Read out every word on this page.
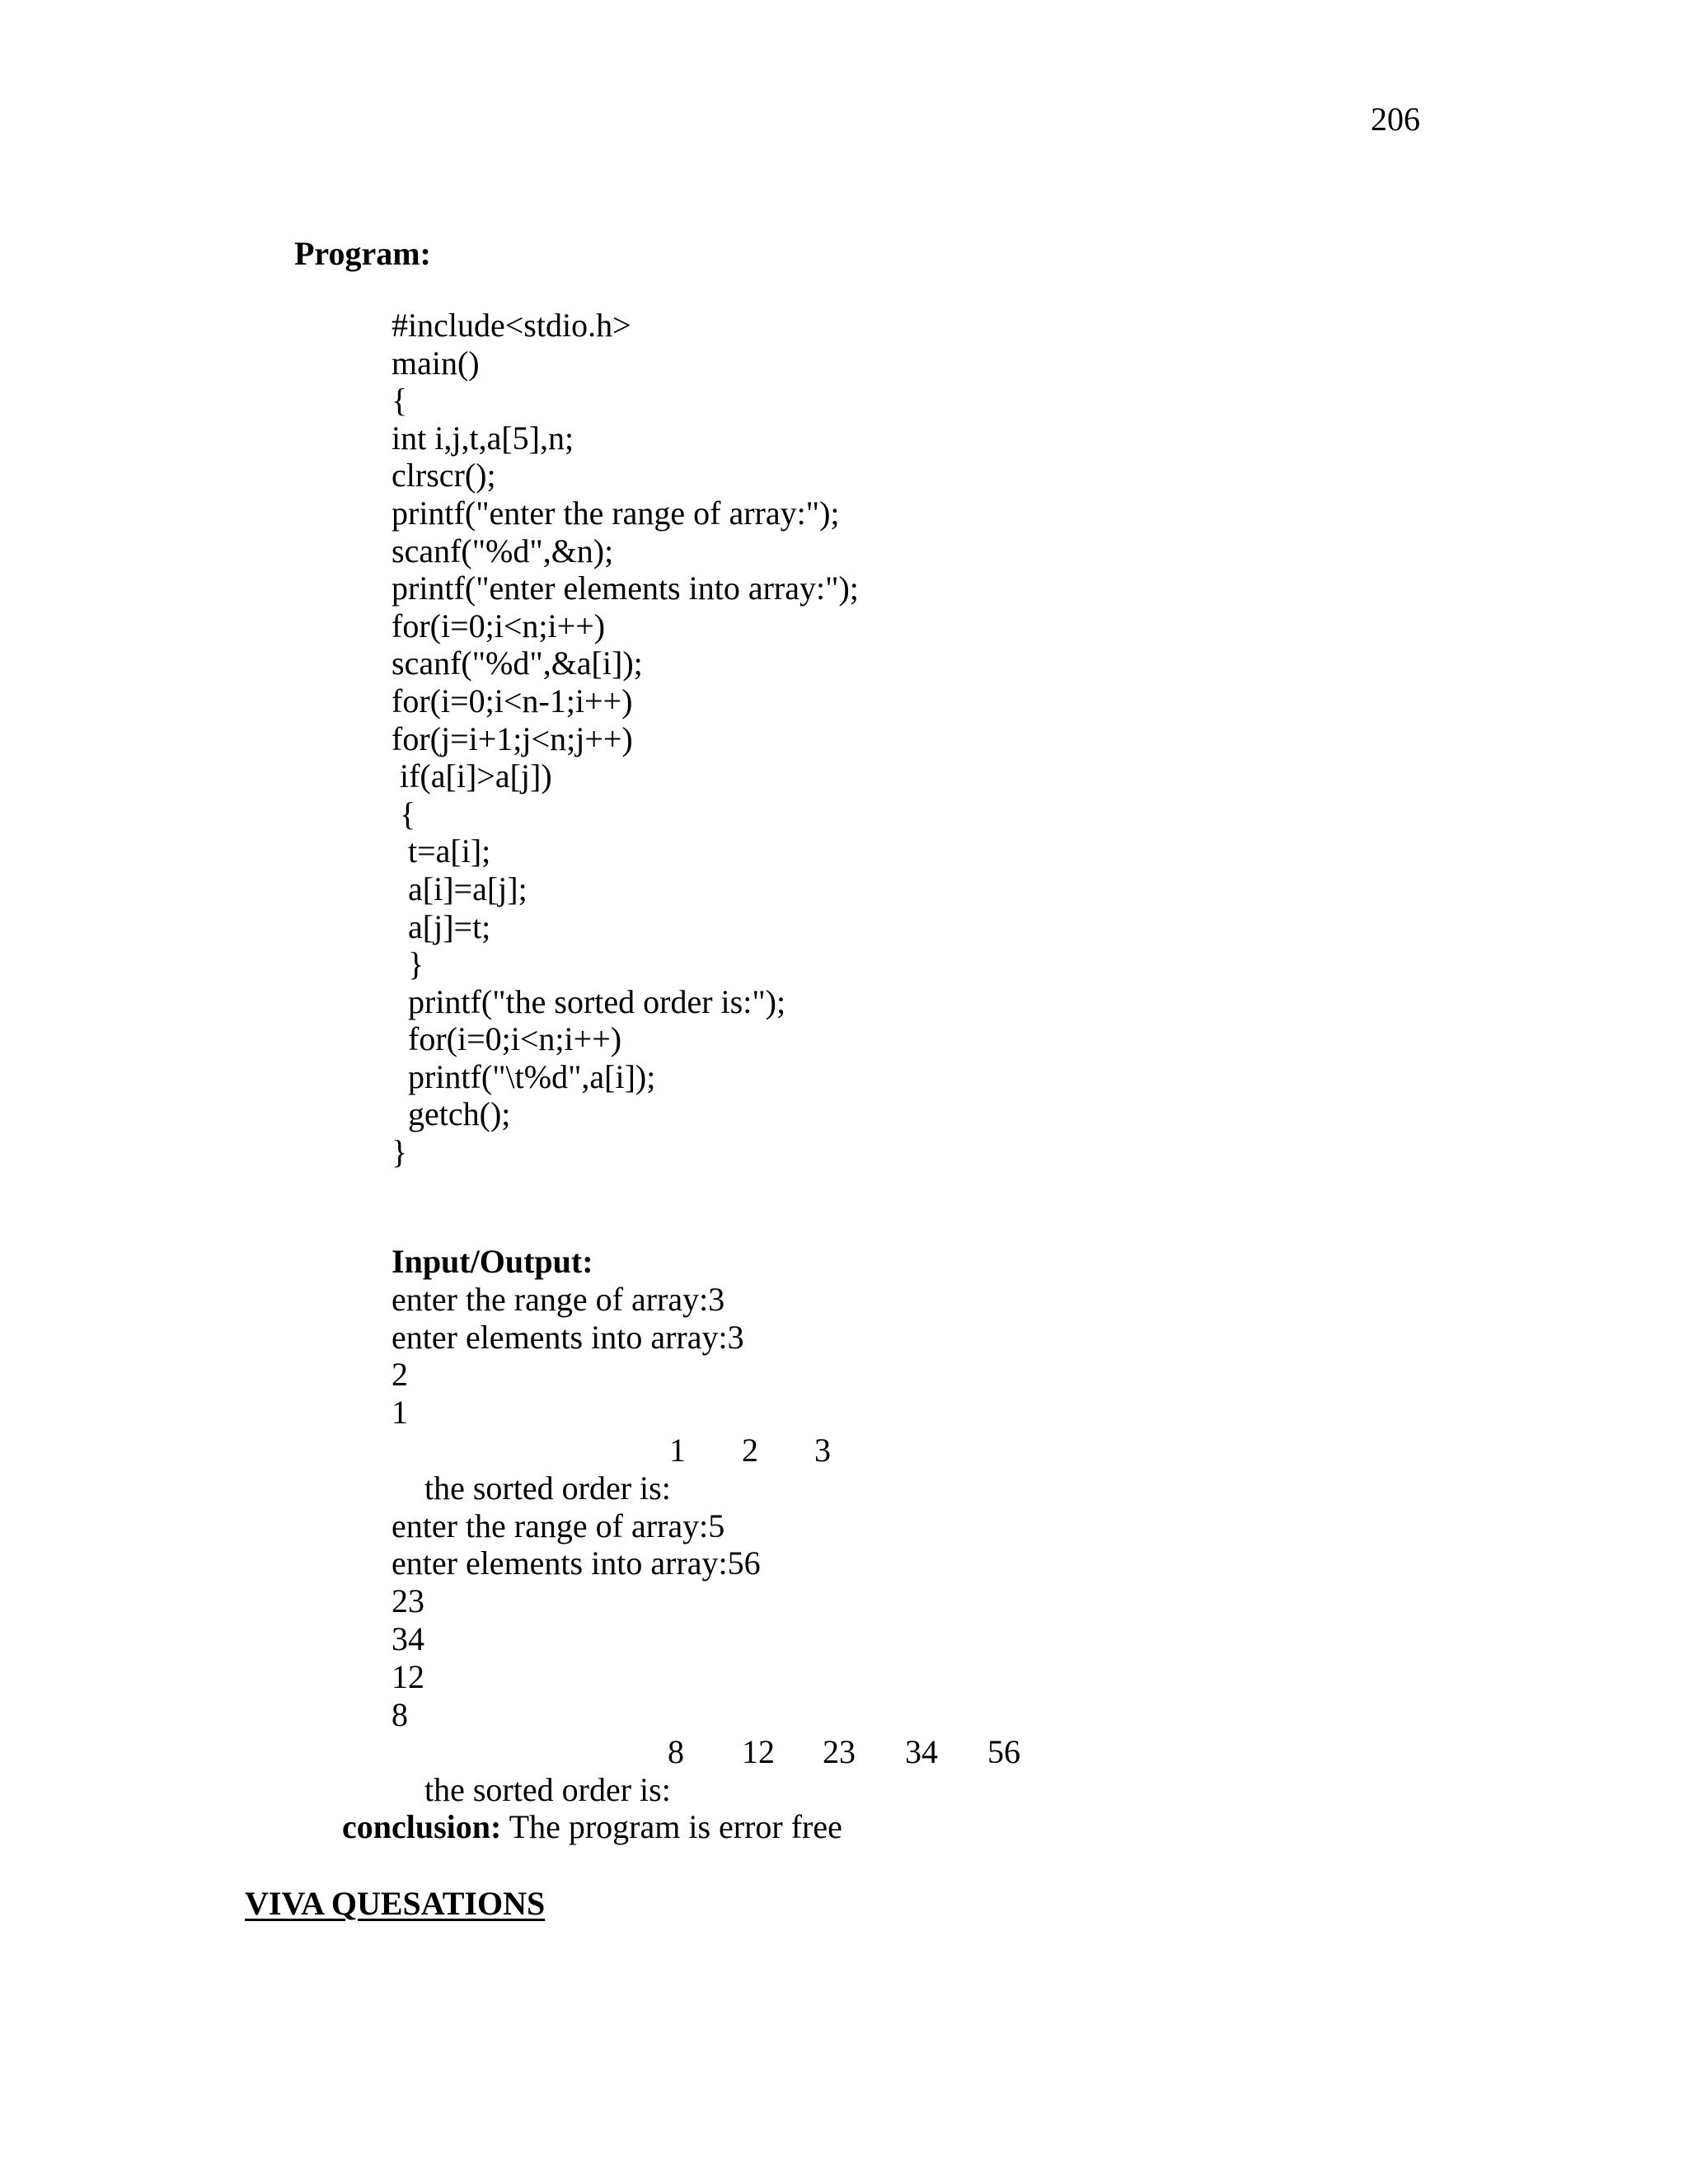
206
Program:
#include<stdio.h>
main()
{
int i,j,t,a[5],n;
clrscr();
printf("enter the range of array:");
scanf("%d",&n);
printf("enter elements into array:");
for(i=0;i<n;i++)
scanf("%d",&a[i]);
for(i=0;i<n-1;i++)
for(j=i+1;j<n;j++)
if(a[i]>a[j])
{
t=a[i];
a[i]=a[j];
a[j]=t;
}
printf("the sorted order is:");
for(i=0;i<n;i++)
printf("\t%d",a[i]);
getch();
}
Input/Output:
enter the range of array:3
enter elements into array:3
2
1

the sorted order is:

1

2

3

enter the range of array:5
enter elements into array:56
23
34
12
8

the sorted order is:

8

12

23

34

56

conclusion: The program is error free
VIVA QUESATIONS
